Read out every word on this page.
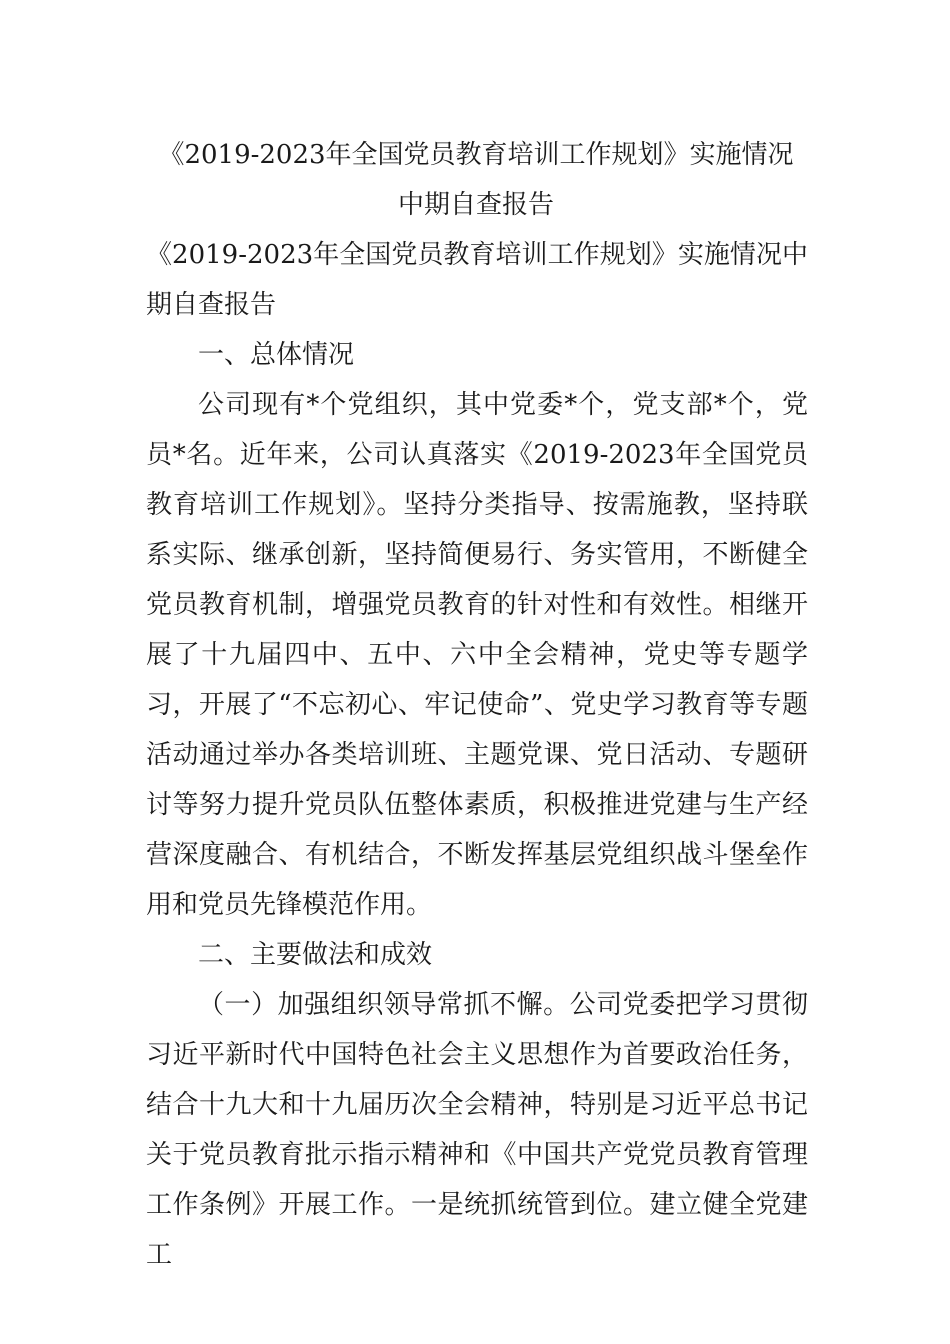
《2019-2023年全国党员教育培训工作规划》实施情况中期自查报告

《2019-2023年全国党员教育培训工作规划》实施情况中期自查报告

一、总体情况

公司现有*个党组织，其中党委*个，党支部*个，党员*名。近年来，公司认真落实《2019-2023年全国党员教育培训工作规划》。坚持分类指导、按需施教，坚持联系实际、继承创新，坚持简便易行、务实管用，不断健全党员教育机制，增强党员教育的针对性和有效性。相继开展了十九届四中、五中、六中全会精神，党史等专题学习，开展了“不忘初心、牢记使命”、党史学习教育等专题活动通过举办各类培训班、主题党课、党日活动、专题研讨等努力提升党员队伍整体素质，积极推进党建与生产经营深度融合、有机结合，不断发挥基层党组织战斗堡垒作用和党员先锋模范作用。

二、主要做法和成效

（一）加强组织领导常抓不懈。公司党委把学习贯彻习近平新时代中国特色社会主义思想作为首要政治任务，结合十九大和十九届历次全会精神，特别是习近平总书记关于党员教育批示指示精神和《中国共产党党员教育管理工作条例》开展工作。一是统抓统管到位。建立健全党建工
